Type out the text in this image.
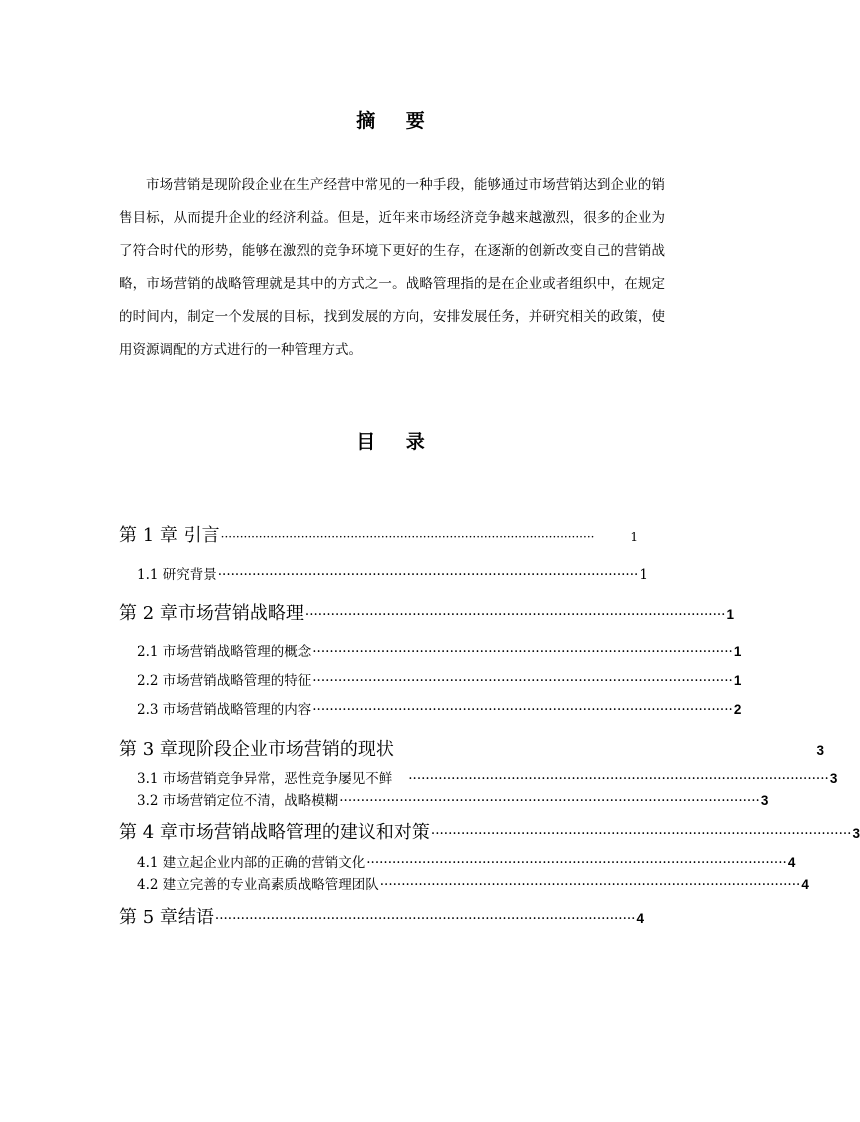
摘 要

市场营销是现阶段企业在生产经营中常见的一种手段，能够通过市场营销达到企业的销售目标，从而提升企业的经济利益。但是，近年来市场经济竞争越来越激烈，很多的企业为了符合时代的形势，能够在激烈的竞争环境下更好的生存，在逐渐的创新改变自己的营销战略，市场营销的战略管理就是其中的方式之一。战略管理指的是在企业或者组织中，在规定的时间内，制定一个发展的目标，找到发展的方向，安排发展任务，并研究相关的政策，使用资源调配的方式进行的一种管理方式。

目 录
第 1 章 引言 ··································································································	1
1.1 研究背景 ·································································································· 1
第 2 章市场营销战略理 ·································································································· 1
2.1 市场营销战略管理的概念 ·································································································· 1
2.2 市场营销战略管理的特征 ·································································································· 1
2.3 市场营销战略管理的内容 ·································································································· 2
第 3 章现阶段企业市场营销的现状	3
3.1 市场营销竞争异常，恶性竞争屡见不鲜 ·································································································· 3
3.2 市场营销定位不清，战略模糊 ·································································································· 3
第 4 章市场营销战略管理的建议和对策 ·································································································· 3
4.1 建立起企业内部的正确的营销文化 ·································································································· 4
4.2 建立完善的专业高素质战略管理团队 ·································································································· 4
第 5 章结语 ·································································································· 4
